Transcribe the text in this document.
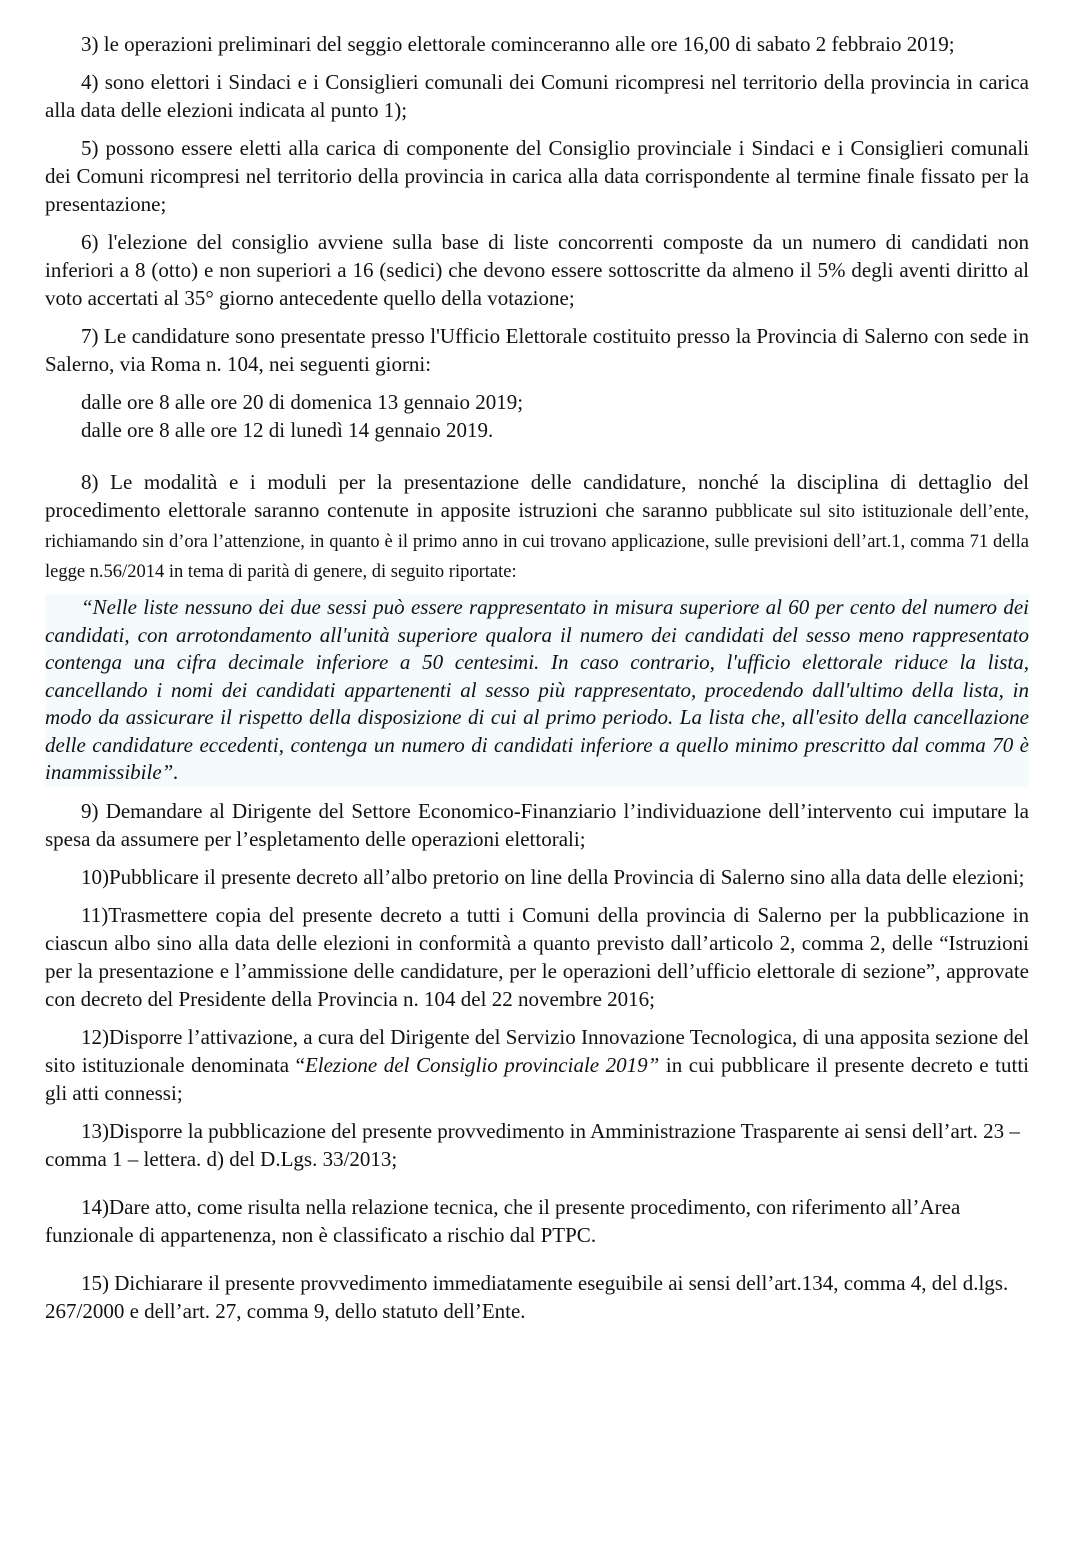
3) le operazioni preliminari del seggio elettorale cominceranno alle ore 16,00 di sabato 2 febbraio 2019;

4) sono elettori i Sindaci e i Consiglieri comunali dei Comuni ricompresi nel territorio della provincia in carica alla data delle elezioni indicata al punto 1);

5) possono essere eletti alla carica di componente del Consiglio provinciale i Sindaci e i Consiglieri comunali dei Comuni ricompresi nel territorio della provincia in carica alla data corrispondente al termine finale fissato per la presentazione;

6) l'elezione del consiglio avviene sulla base di liste concorrenti composte da un numero di candidati non inferiori a 8 (otto) e non superiori a 16 (sedici) che devono essere sottoscritte da almeno il 5% degli aventi diritto al voto accertati al 35° giorno antecedente quello della votazione;

7) Le candidature sono presentate presso l'Ufficio Elettorale costituito presso la Provincia di Salerno con sede in Salerno, via Roma n. 104, nei seguenti giorni:

dalle ore 8 alle ore 20 di domenica 13 gennaio 2019;
dalle ore 8 alle ore 12 di lunedì 14 gennaio 2019.

8) Le modalità e i moduli per la presentazione delle candidature, nonché la disciplina di dettaglio del procedimento elettorale saranno contenute in apposite istruzioni che saranno pubblicate sul sito istituzionale dell’ente, richiamando sin d’ora l’attenzione, in quanto è il primo anno in cui trovano applicazione, sulle previsioni dell’art.1, comma 71 della legge n.56/2014 in tema di parità di genere, di seguito riportate:

“Nelle liste nessuno dei due sessi può essere rappresentato in misura superiore al 60 per cento del numero dei candidati, con arrotondamento all'unità superiore qualora il numero dei candidati del sesso meno rappresentato contenga una cifra decimale inferiore a 50 centesimi. In caso contrario, l'ufficio elettorale riduce la lista, cancellando i nomi dei candidati appartenenti al sesso più rappresentato, procedendo dall'ultimo della lista, in modo da assicurare il rispetto della disposizione di cui al primo periodo. La lista che, all'esito della cancellazione delle candidature eccedenti, contenga un numero di candidati inferiore a quello minimo prescritto dal comma 70 è inammissibile”.

9) Demandare al Dirigente del Settore Economico-Finanziario l’individuazione dell’intervento cui imputare la spesa da assumere per l’espletamento delle operazioni elettorali;

10)Pubblicare il presente decreto all’albo pretorio on line della Provincia di Salerno sino alla data delle elezioni;

11)Trasmettere copia del presente decreto a tutti i Comuni della provincia di Salerno per la pubblicazione in ciascun albo sino alla data delle elezioni in conformità a quanto previsto dall’articolo 2, comma 2, delle “Istruzioni per la presentazione e l’ammissione delle candidature, per le operazioni dell’ufficio elettorale di sezione”, approvate con decreto del Presidente della Provincia n. 104 del 22 novembre 2016;

12)Disporre l’attivazione, a cura del Dirigente del Servizio Innovazione Tecnologica, di una apposita sezione del sito istituzionale denominata “Elezione del Consiglio provinciale 2019” in cui pubblicare il presente decreto e tutti gli atti connessi;

13)Disporre la pubblicazione del presente provvedimento in Amministrazione Trasparente ai sensi dell’art. 23 – comma 1 – lettera. d) del D.Lgs. 33/2013;

14)Dare atto, come risulta nella relazione tecnica, che il presente procedimento, con riferimento all’Area funzionale di appartenenza, non è classificato a rischio dal PTPC.

15) Dichiarare il presente provvedimento immediatamente eseguibile ai sensi dell’art.134, comma 4, del d.lgs. 267/2000 e dell’art. 27, comma 9, dello statuto dell’Ente.
